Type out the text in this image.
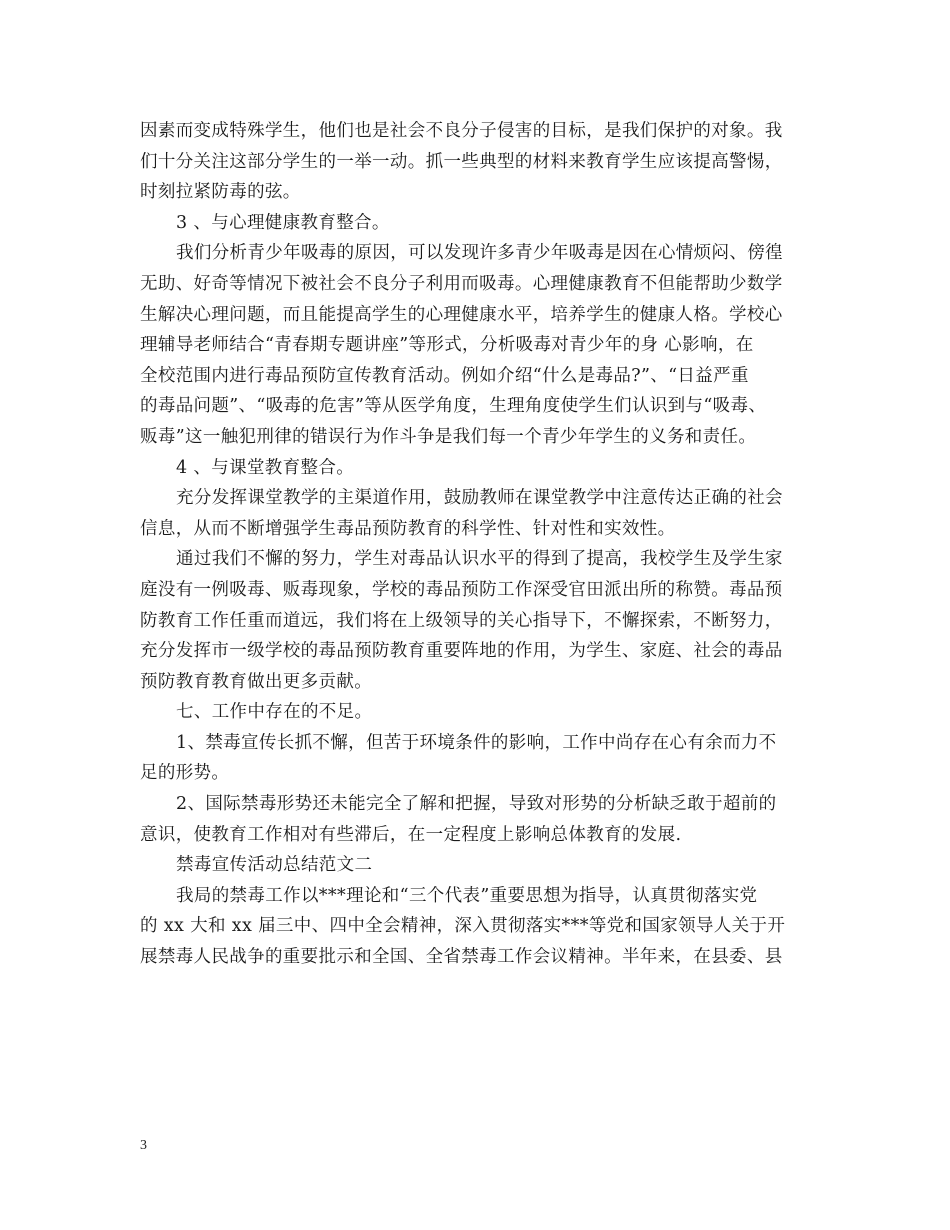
因素而变成特殊学生，他们也是社会不良分子侵害的目标，是我们保护的对象。我
们十分关注这部分学生的一举一动。抓一些典型的材料来教育学生应该提高警惕，
时刻拉紧防毒的弦。
3 、与心理健康教育整合。
我们分析青少年吸毒的原因，可以发现许多青少年吸毒是因在心情烦闷、傍徨
无助、好奇等情况下被社会不良分子利用而吸毒。心理健康教育不但能帮助少数学
生解决心理问题，而且能提高学生的心理健康水平，培养学生的健康人格。学校心
理辅导老师结合“青春期专题讲座”等形式，分析吸毒对青少年的身 心影响，在
全校范围内进行毒品预防宣传教育活动。例如介绍“什么是毒品?”、“日益严重
的毒品问题”、“吸毒的危害”等从医学角度，生理角度使学生们认识到与“吸毒、
贩毒”这一触犯刑律的错误行为作斗争是我们每一个青少年学生的义务和责任。
4 、与课堂教育整合。
充分发挥课堂教学的主渠道作用，鼓励教师在课堂教学中注意传达正确的社会
信息，从而不断增强学生毒品预防教育的科学性、针对性和实效性。
通过我们不懈的努力，学生对毒品认识水平的得到了提高，我校学生及学生家
庭没有一例吸毒、贩毒现象，学校的毒品预防工作深受官田派出所的称赞。毒品预
防教育工作任重而道远，我们将在上级领导的关心指导下，不懈探索，不断努力，
充分发挥市一级学校的毒品预防教育重要阵地的作用，为学生、家庭、社会的毒品
预防教育教育做出更多贡献。
七、工作中存在的不足。
1、禁毒宣传长抓不懈，但苦于环境条件的影响，工作中尚存在心有余而力不
足的形势。
2、国际禁毒形势还未能完全了解和把握，导致对形势的分析缺乏敢于超前的
意识，使教育工作相对有些滞后，在一定程度上影响总体教育的发展.
禁毒宣传活动总结范文二
我局的禁毒工作以***理论和“三个代表”重要思想为指导，认真贯彻落实党
的 xx 大和 xx 届三中、四中全会精神，深入贯彻落实***等党和国家领导人关于开
展禁毒人民战争的重要批示和全国、全省禁毒工作会议精神。半年来，在县委、县
3
